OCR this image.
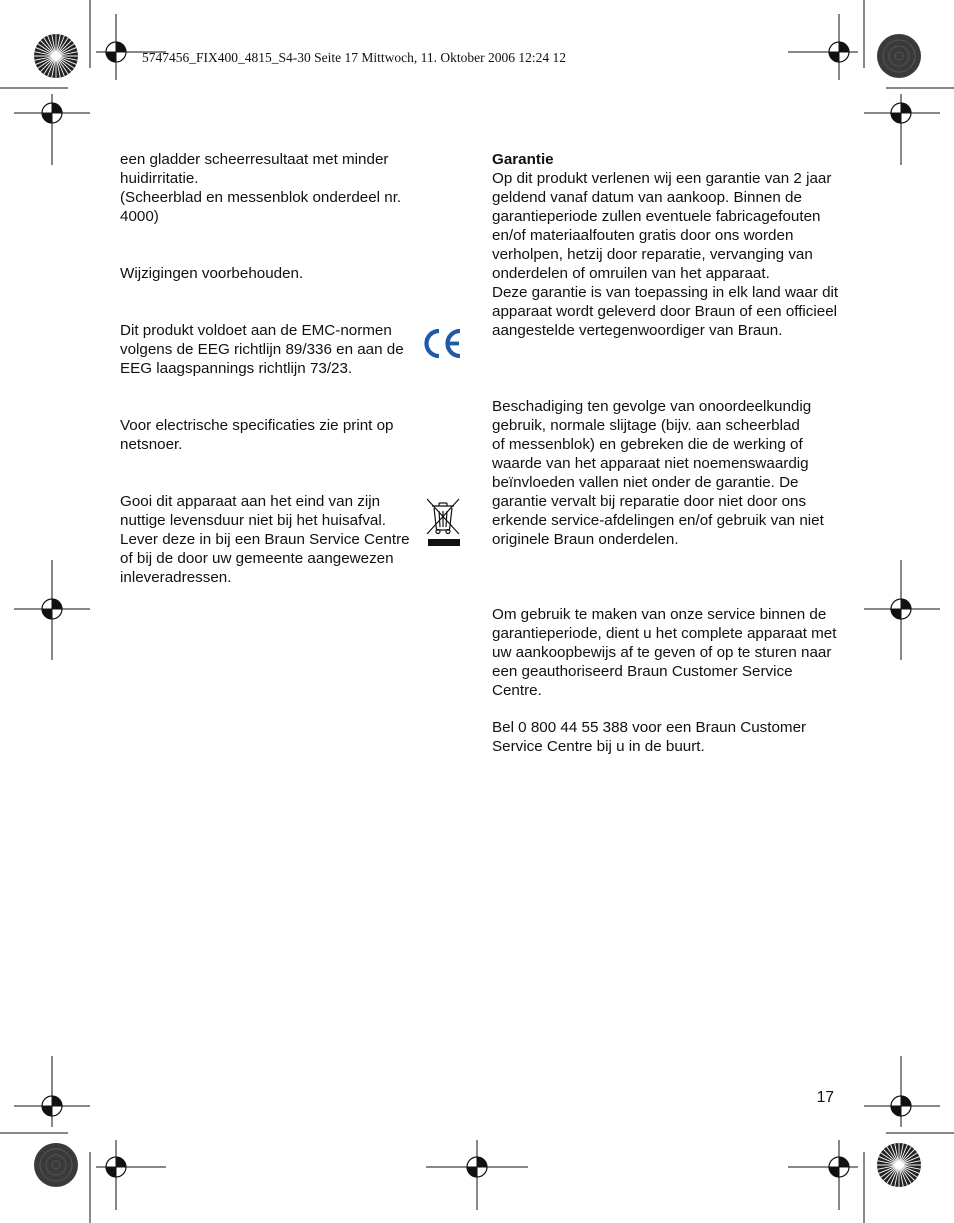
5747456_FIX400_4815_S4-30 Seite 17 Mittwoch, 11. Oktober 2006 12:24 12
een gladder scheerresultaat met minder huidirritatie.
(Scheerblad en messenblok onderdeel nr. 4000)
Wijzigingen voorbehouden.
Dit produkt voldoet aan de EMC-normen volgens de EEG richtlijn 89/336 en aan de EEG laagspannings richtlijn 73/23.
Voor electrische specificaties zie print op netsnoer.
Gooi dit apparaat aan het eind van zijn nuttige levensduur niet bij het huisafval. Lever deze in bij een Braun Service Centre of bij de door uw gemeente aangewezen inleveradressen.
Garantie
Op dit produkt verlenen wij een garantie van 2 jaar geldend vanaf datum van aankoop. Binnen de garantieperiode zullen eventuele fabricagefouten en/of materiaalfouten gratis door ons worden verholpen, hetzij door reparatie, vervanging van onderdelen of omruilen van het apparaat.
Deze garantie is van toepassing in elk land waar dit apparaat wordt geleverd door Braun of een officieel aangestelde vertegenwoordiger van Braun.
Beschadiging ten gevolge van onoordeelkundig gebruik, normale slijtage (bijv. aan scheerblad
of messenblok) en gebreken die de werking of waarde van het apparaat niet noemenswaardig beïnvloeden vallen niet onder de garantie. De garantie vervalt bij reparatie door niet door ons erkende service-afdelingen en/of gebruik van niet originele Braun onderdelen.
Om gebruik te maken van onze service binnen de garantieperiode, dient u het complete apparaat met uw aankoopbewijs af te geven of op te sturen naar een geauthoriseerd Braun Customer Service Centre.
Bel 0 800 44 55 388 voor een Braun Customer Service Centre bij u in de buurt.
17
